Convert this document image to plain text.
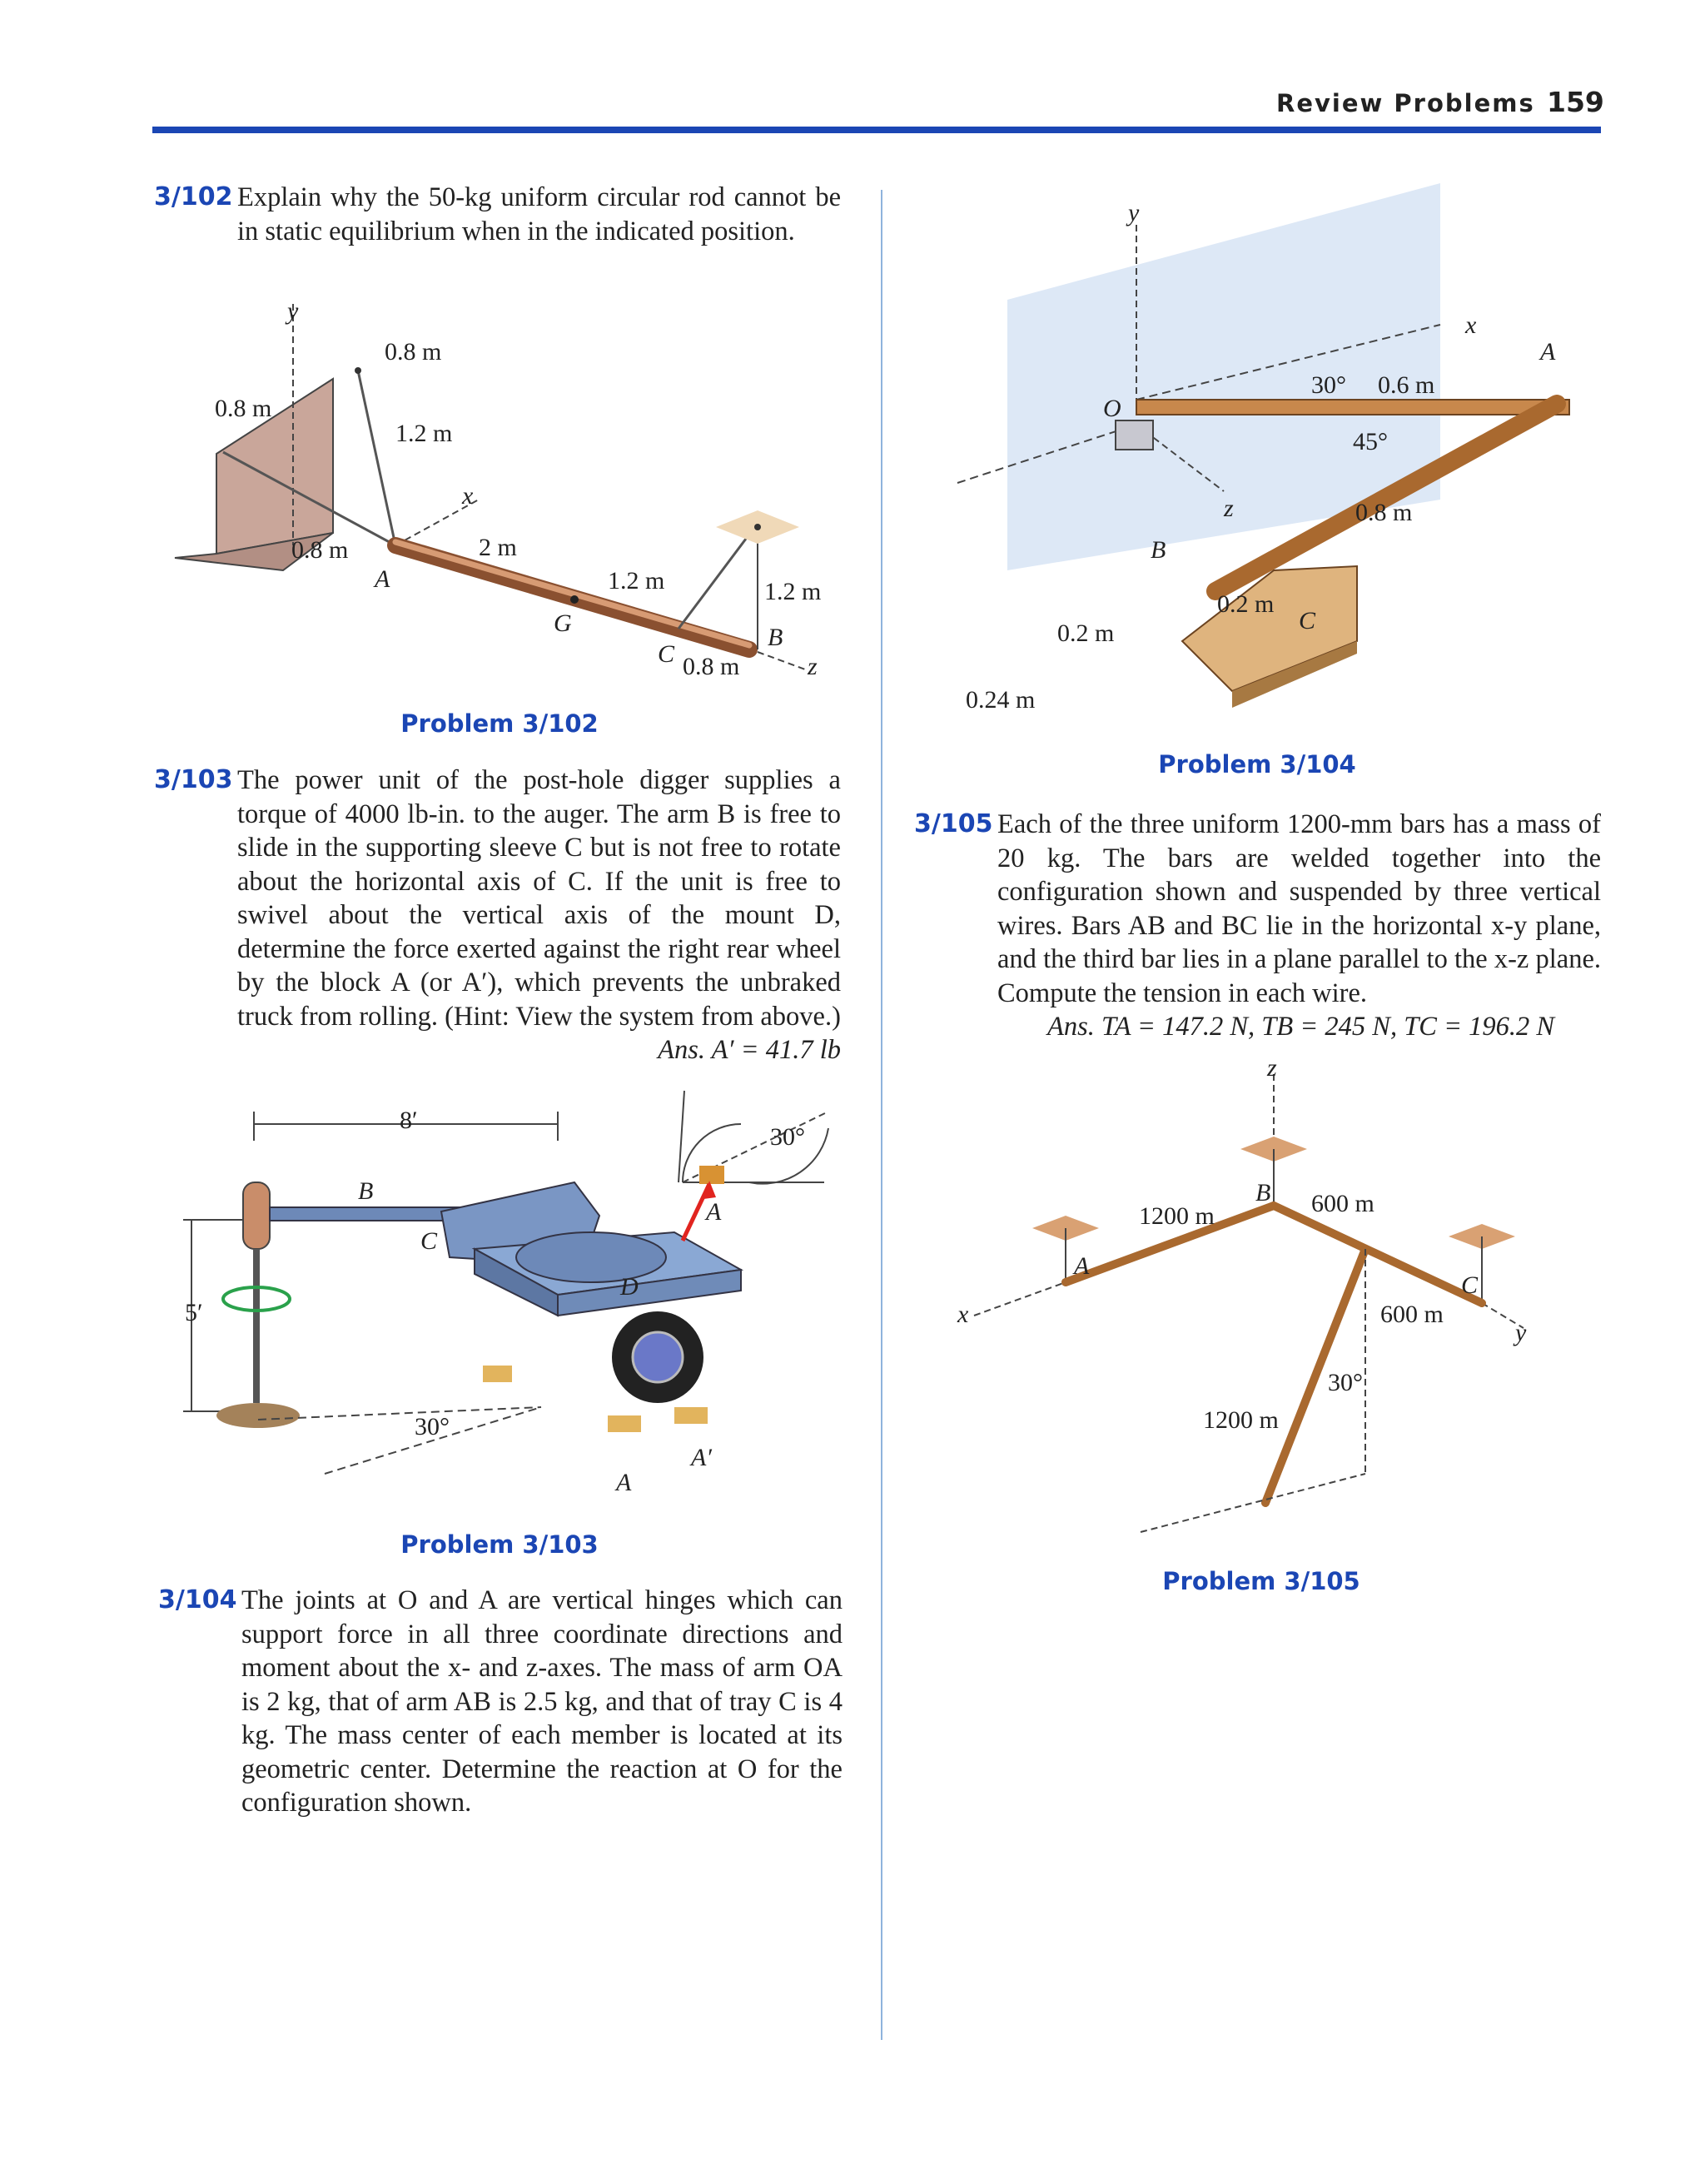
Review Problems 159
3/102 Explain why the 50-kg uniform circular rod cannot be in static equilibrium when in the indicated position.
y
x
z
0.8 m
0.8 m
1.2 m
0.8 m	2 m
1.2 m	1.2 m
0.8 m
A
G
C
B
Problem 3/102
3/103 The power unit of the post-hole digger supplies a torque of 4000 lb-in. to the auger. The arm B is free to slide in the supporting sleeve C but is not free to rotate about the horizontal axis of C. If the unit is free to swivel about the vertical axis of the mount D, determine the force exerted against the right rear wheel by the block A (or A′), which prevents the unbraked truck from rolling. (Hint: View the system from above.)
Ans. A′ = 41.7 lb
8′
5′
30°
30°
B
C
D
A
A′
A
Problem 3/103
3/104 The joints at O and A are vertical hinges which can support force in all three coordinate directions and moment about the x- and z-axes. The mass of arm OA is 2 kg, that of arm AB is 2.5 kg, and that of tray C is 4 kg. The mass center of each member is located at its geometric center. Determine the reaction at O for the configuration shown.
y
x
z
O
A
B
C
30°
45°
0.6 m
0.8 m
0.2 m
0.2 m
0.24 m
Problem 3/104
3/105 Each of the three uniform 1200-mm bars has a mass of 20 kg. The bars are welded together into the configuration shown and suspended by three vertical wires. Bars AB and BC lie in the horizontal x-y plane, and the third bar lies in a plane parallel to the x-z plane. Compute the tension in each wire.
Ans. TA = 147.2 N, TB = 245 N, TC = 196.2 N
z
x
y
A
B
C
1200 m	600 m
600 m
1200 m
30°
Problem 3/105
